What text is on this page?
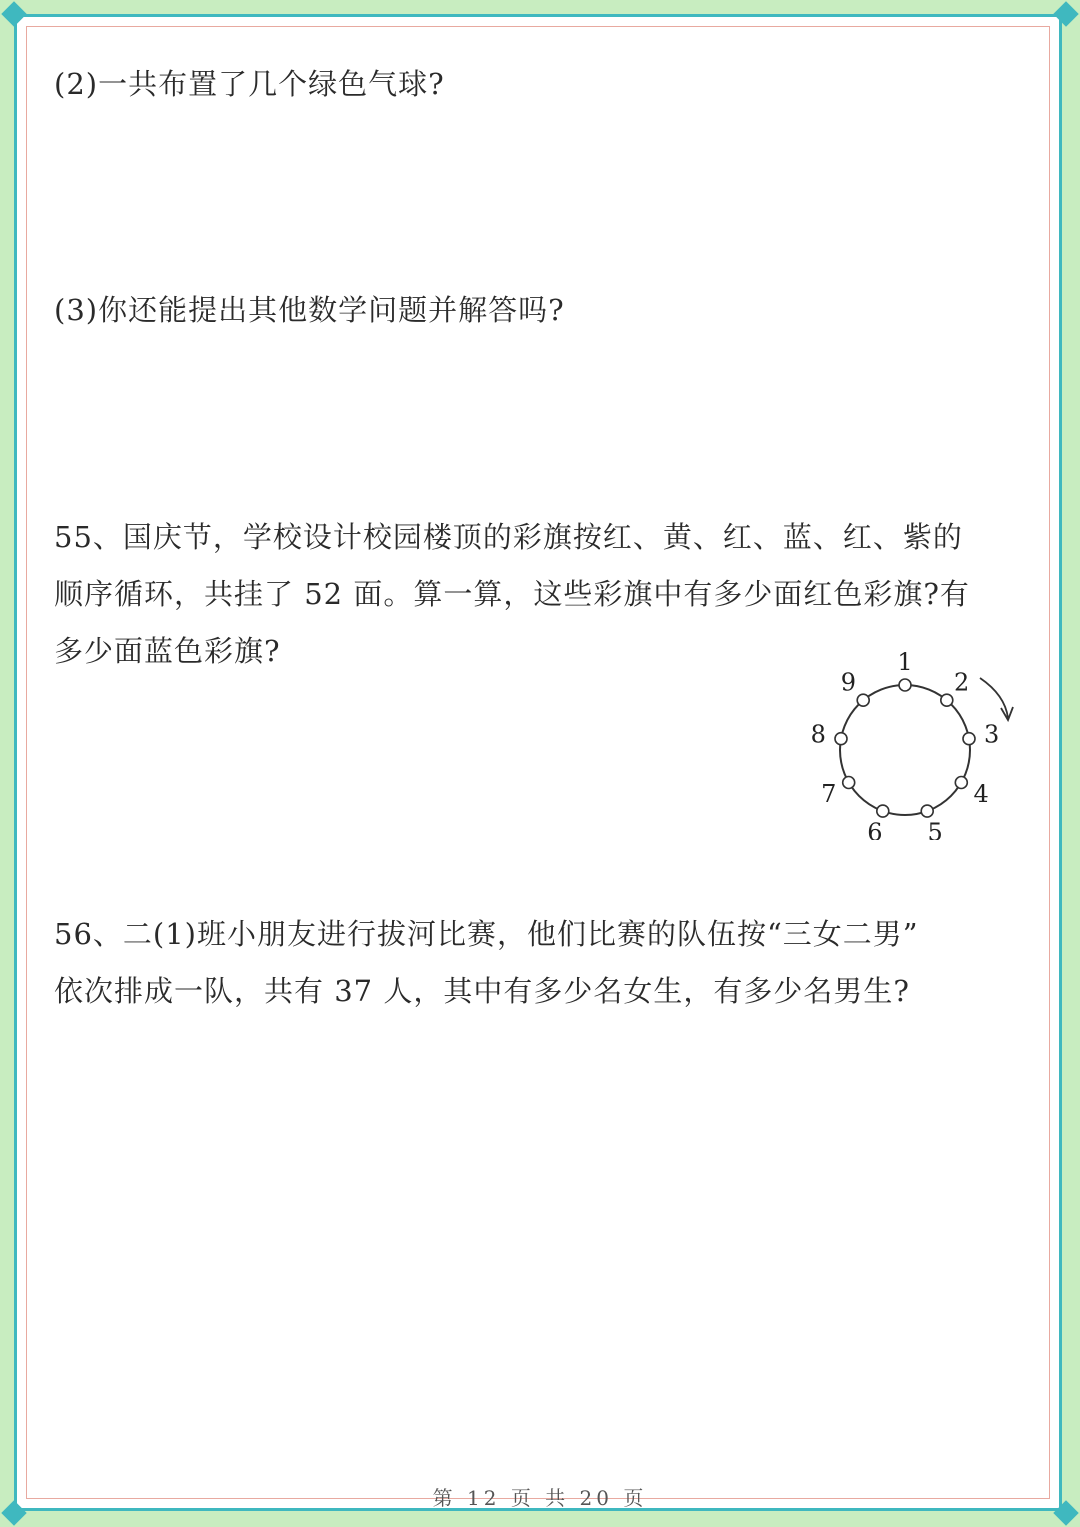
(2)一共布置了几个绿色气球?
(3)你还能提出其他数学问题并解答吗?
55、国庆节，学校设计校园楼顶的彩旗按红、黄、红、蓝、红、紫的
顺序循环，共挂了 52 面。算一算，这些彩旗中有多少面红色彩旗?有
多少面蓝色彩旗?	1
2
3
4
5
6
7
8
9
56、二(1)班小朋友进行拔河比赛，他们比赛的队伍按“三女二男”
依次排成一队，共有 37 人，其中有多少名女生，有多少名男生?
第 12 页 共 20 页
